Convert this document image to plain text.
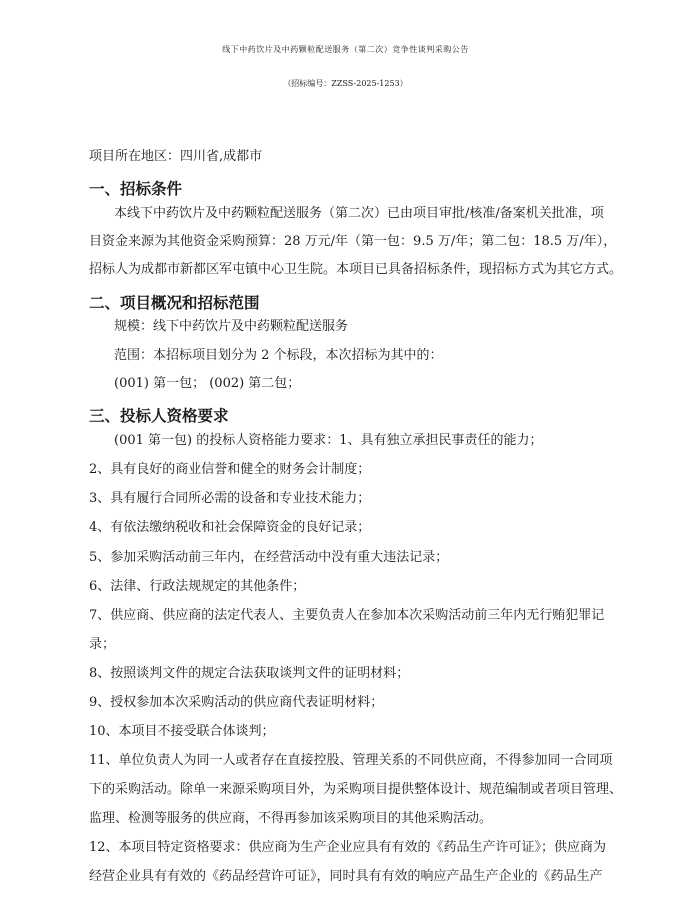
线下中药饮片及中药颗粒配送服务（第二次）竞争性谈判采购公告
（招标编号：ZZSS-2025-1253）
项目所在地区：四川省,成都市
一、招标条件
本线下中药饮片及中药颗粒配送服务（第二次）已由项目审批/核准/备案机关批准，项
目资金来源为其他资金采购预算：28 万元/年（第一包：9.5 万/年；第二包：18.5 万/年），
招标人为成都市新都区军屯镇中心卫生院。本项目已具备招标条件，现招标方式为其它方式。
二、项目概况和招标范围
规模：线下中药饮片及中药颗粒配送服务
范围：本招标项目划分为 2 个标段，本次招标为其中的：
(001) 第一包； (002) 第二包；
三、投标人资格要求
(001 第一包) 的投标人资格能力要求：1、具有独立承担民事责任的能力；
2、具有良好的商业信誉和健全的财务会计制度；
3、具有履行合同所必需的设备和专业技术能力；
4、有依法缴纳税收和社会保障资金的良好记录；
5、参加采购活动前三年内，在经营活动中没有重大违法记录；
6、法律、行政法规规定的其他条件；
7、供应商、供应商的法定代表人、主要负责人在参加本次采购活动前三年内无行贿犯罪记
录；
8、按照谈判文件的规定合法获取谈判文件的证明材料；
9、授权参加本次采购活动的供应商代表证明材料；
10、本项目不接受联合体谈判；
11、单位负责人为同一人或者存在直接控股、管理关系的不同供应商，不得参加同一合同项
下的采购活动。除单一来源采购项目外，为采购项目提供整体设计、规范编制或者项目管理、
监理、检测等服务的供应商，不得再参加该采购项目的其他采购活动。
12、本项目特定资格要求：供应商为生产企业应具有有效的《药品生产许可证》；供应商为
经营企业具有有效的《药品经营许可证》，同时具有有效的响应产品生产企业的《药品生产
